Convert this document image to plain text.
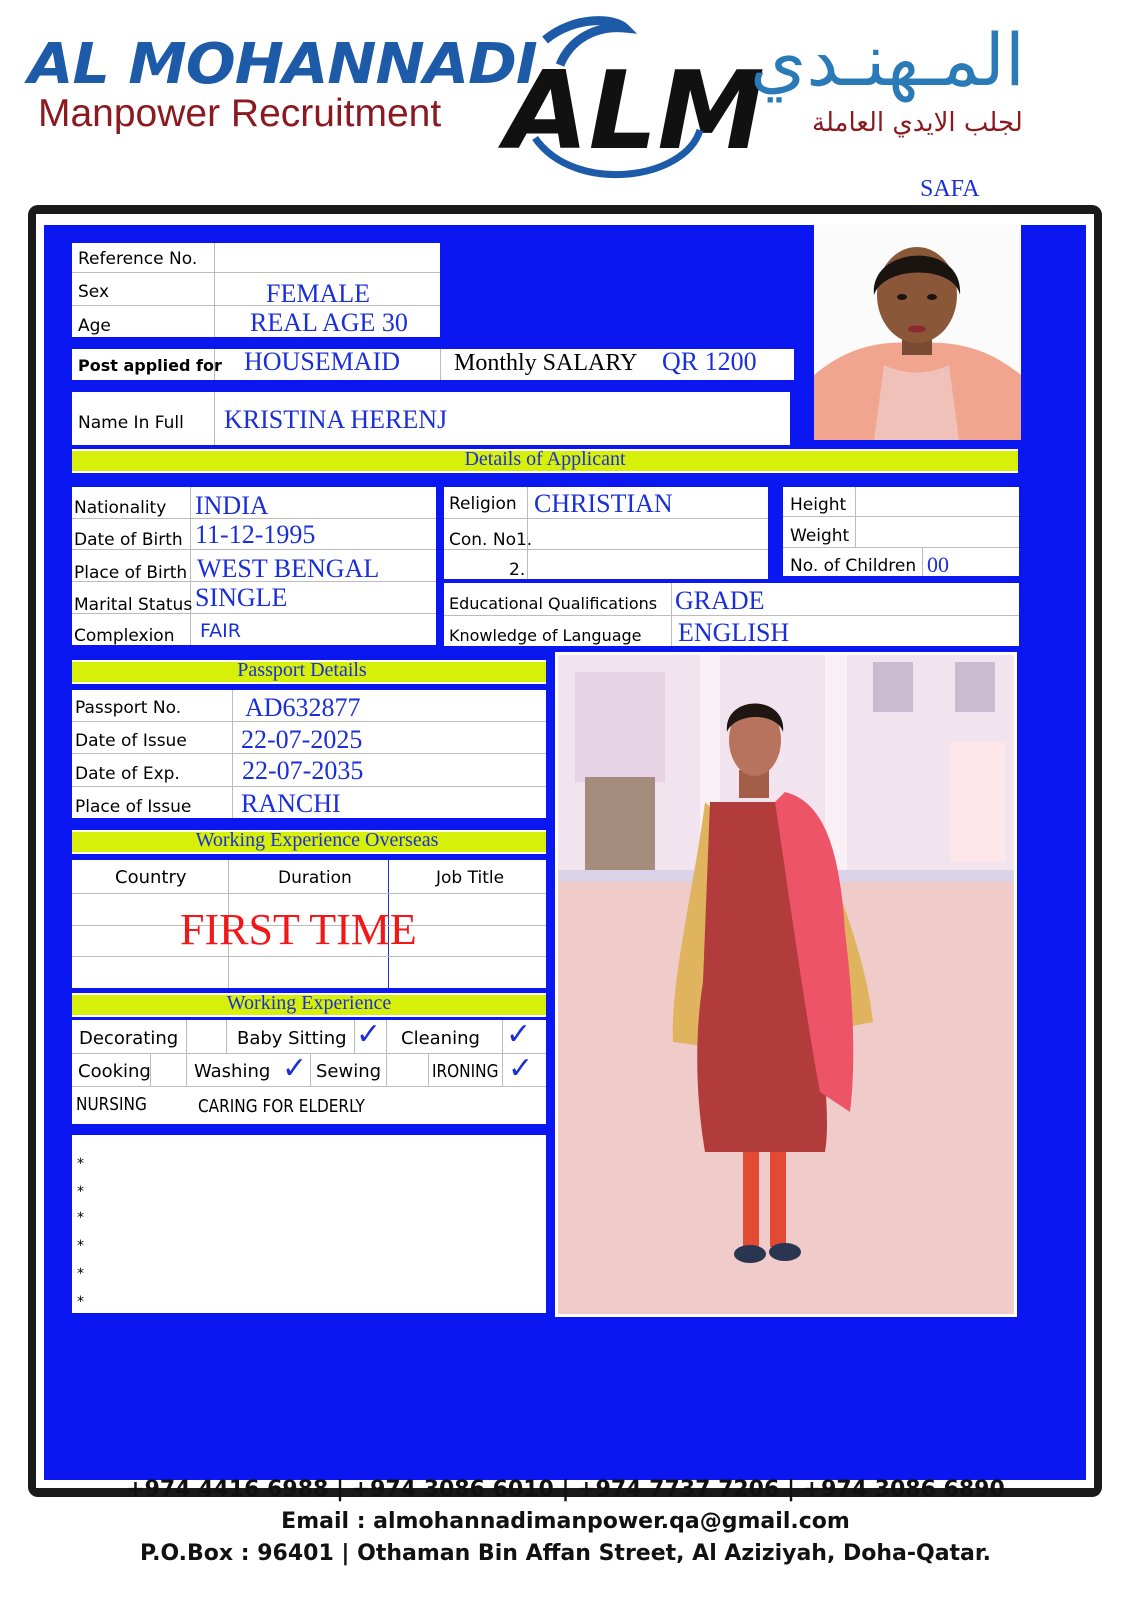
AL MOHANNADI
Manpower Recruitment ALM
المـهنـدي
لجلب الايدي العاملة
SAFA
Reference No.
Sex	FEMALE
Age	REAL AGE 30
Post applied for HOUSEMAID Monthly SALARY QR 1200
Name In Full KRISTINA HERENJ
Details of Applicant
Nationality INDIA
Date of Birth 11-12-1995
Place of Birth WEST BENGAL
Marital Status SINGLE
Complexion FAIR
Religion CHRISTIAN
Con. No1.
2.
Height
Weight
No. of Children 00
Educational Qualifications GRADE
Knowledge of Language ENGLISH
Passport Details
Passport No. AD632877
Date of Issue 22-07-2025
Date of Exp. 22-07-2035
Place of Issue RANCHI
Working Experience Overseas
Country	Duration	Job Title
FIRST TIME
Working Experience
Decorating	Baby Sitting ✓ Cleaning ✓
Cooking Washing ✓ Sewing	IRONING ✓
NURSING	CARING FOR ELDERLY
*
*
*
*
*
*
+974 4416 6988 | +974 3086 6010 | +974 7737 7206 | +974 3086 6890
Email : almohannadimanpower.qa@gmail.com
P.O.Box : 96401 | Othaman Bin Affan Street, Al Aziziyah, Doha-Qatar.
